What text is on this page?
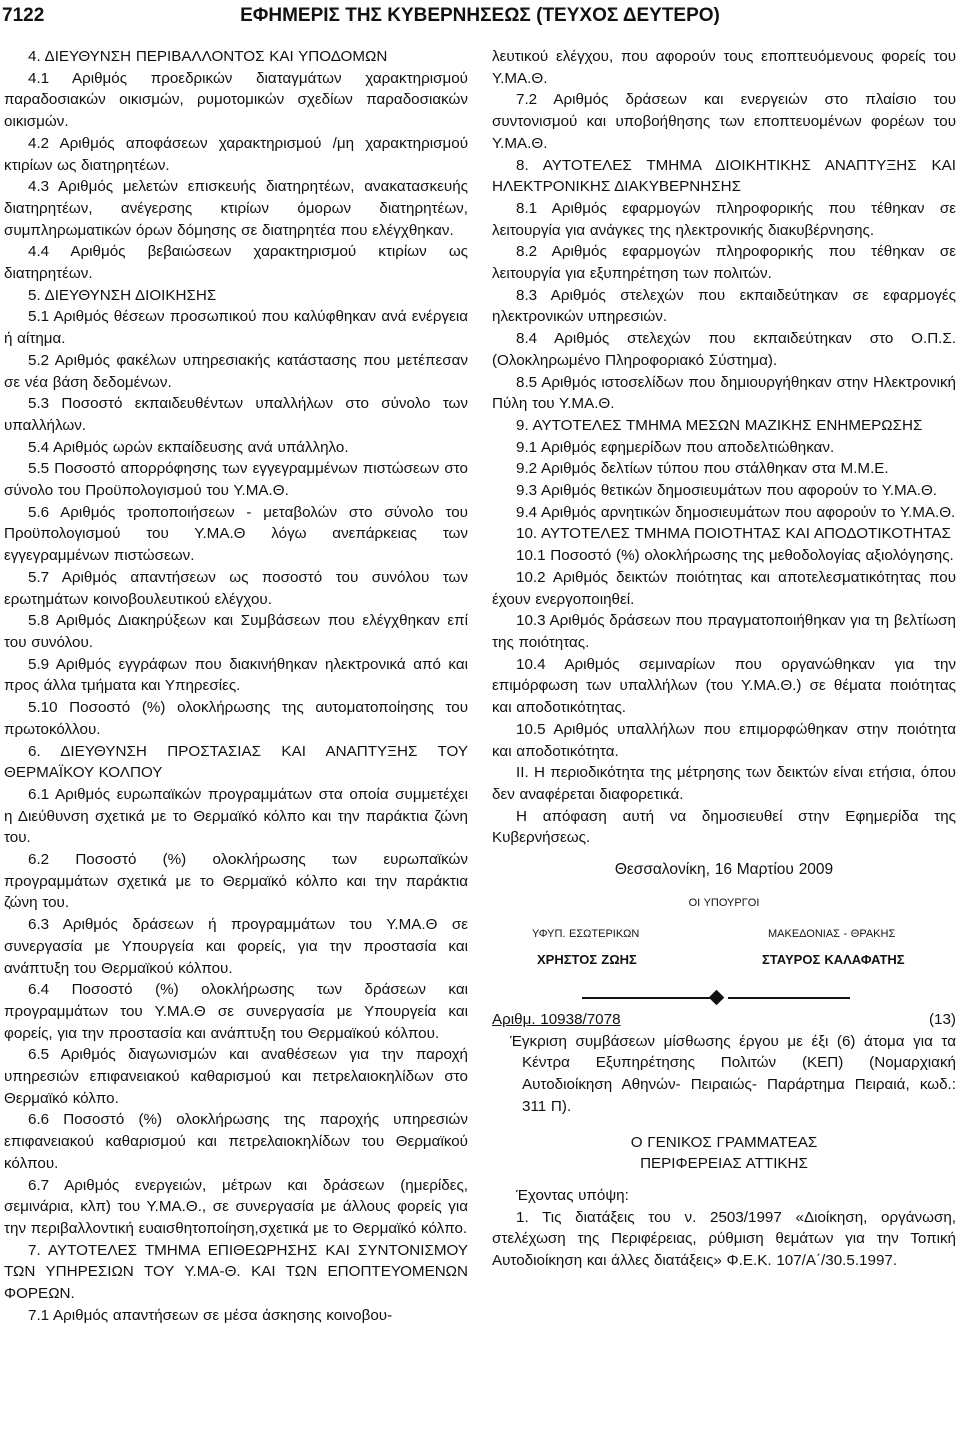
7122	ΕΦΗΜΕΡΙΣ ΤΗΣ ΚΥΒΕΡΝΗΣΕΩΣ (ΤΕΥΧΟΣ ΔΕΥΤΕΡΟ)

4. ΔΙΕΥΘΥΝΣΗ ΠΕΡΙΒΑΛΛΟΝΤΟΣ ΚΑΙ ΥΠΟΔΟΜΩΝ

4.1 Αριθμός προεδρικών διαταγμάτων χαρακτηρισμού παραδοσιακών οικισμών, ρυμοτομικών σχεδίων παραδοσιακών οικισμών.

4.2 Αριθμός αποφάσεων χαρακτηρισμού /μη χαρακτηρισμού κτιρίων ως διατηρητέων.

4.3 Αριθμός μελετών επισκευής διατηρητέων, ανακατασκευής διατηρητέων, ανέγερσης κτιρίων όμορων διατηρητέων, συμπληρωματικών όρων δόμησης σε διατηρητέα που ελέγχθηκαν.

4.4 Αριθμός βεβαιώσεων χαρακτηρισμού κτιρίων ως διατηρητέων.

5. ΔΙΕΥΘΥΝΣΗ ΔΙΟΙΚΗΣΗΣ

5.1 Αριθμός θέσεων προσωπικού που καλύφθηκαν ανά ενέργεια ή αίτημα.

5.2 Αριθμός φακέλων υπηρεσιακής κατάστασης που μετέπεσαν σε νέα βάση δεδομένων.

5.3 Ποσοστό εκπαιδευθέντων υπαλλήλων στο σύνολο των υπαλλήλων.

5.4 Αριθμός ωρών εκπαίδευσης ανά υπάλληλο.

5.5 Ποσοστό απορρόφησης των εγγεγραμμένων πιστώσεων στο σύνολο του Προϋπολογισμού του Υ.ΜΑ.Θ.

5.6 Αριθμός τροποποιήσεων - μεταβολών στο σύνολο του Προϋπολογισμού του Υ.ΜΑ.Θ λόγω ανεπάρκειας των εγγεγραμμένων πιστώσεων.

5.7 Αριθμός απαντήσεων ως ποσοστό του συνόλου των ερωτημάτων κοινοβουλευτικού ελέγχου.

5.8 Αριθμός Διακηρύξεων και Συμβάσεων που ελέγχθηκαν επί του συνόλου.

5.9 Αριθμός εγγράφων που διακινήθηκαν ηλεκτρονικά από και προς άλλα τμήματα και Υπηρεσίες.

5.10 Ποσοστό (%) ολοκλήρωσης της αυτοματοποίησης του πρωτοκόλλου.

6. ΔΙΕΥΘΥΝΣΗ ΠΡΟΣΤΑΣΙΑΣ ΚΑΙ ΑΝΑΠΤΥΞΗΣ ΤΟΥ ΘΕΡΜΑΪΚΟΥ ΚΟΛΠΟΥ

6.1 Αριθμός ευρωπαϊκών προγραμμάτων στα οποία συμμετέχει η Διεύθυνση σχετικά με το Θερμαϊκό κόλπο και την παράκτια ζώνη του.

6.2 Ποσοστό (%) ολοκλήρωσης των ευρωπαϊκών προγραμμάτων σχετικά με το Θερμαϊκό κόλπο και την παράκτια ζώνη του.

6.3 Αριθμός δράσεων ή προγραμμάτων του Υ.ΜΑ.Θ σε συνεργασία με Υπουργεία και φορείς, για την προστασία και ανάπτυξη του Θερμαϊκού κόλπου.

6.4 Ποσοστό (%) ολοκλήρωσης των δράσεων και προγραμμάτων του Υ.ΜΑ.Θ σε συνεργασία με Υπουργεία και φορείς, για την προστασία και ανάπτυξη του Θερμαϊκού κόλπου.

6.5 Αριθμός διαγωνισμών και αναθέσεων για την παροχή υπηρεσιών επιφανειακού καθαρισμού και πετρελαιοκηλίδων στο Θερμαϊκό κόλπο.

6.6 Ποσοστό (%) ολοκλήρωσης της παροχής υπηρεσιών επιφανειακού καθαρισμού και πετρελαιοκηλίδων του Θερμαϊκού κόλπου.

6.7 Αριθμός ενεργειών, μέτρων και δράσεων (ημερίδες, σεμινάρια, κλπ) του Υ.ΜΑ.Θ., σε συνεργασία με άλλους φορείς για την περιβαλλοντική ευαισθητοποίηση,σχετικά με το Θερμαϊκό κόλπο.

7. ΑΥΤΟΤΕΛΕΣ ΤΜΗΜΑ ΕΠΙΘΕΩΡΗΣΗΣ ΚΑΙ ΣΥΝΤΟΝΙΣΜΟΥ ΤΩΝ ΥΠΗΡΕΣΙΩΝ ΤΟΥ Υ.ΜΑ-Θ. ΚΑΙ ΤΩΝ ΕΠΟΠΤΕΥΟΜΕΝΩΝ ΦΟΡΕΩΝ.

7.1 Αριθμός απαντήσεων σε μέσα άσκησης κοινοβου-

λευτικού ελέγχου, που αφορούν τους εποπτευόμενους φορείς του Υ.ΜΑ.Θ.

7.2 Αριθμός δράσεων και ενεργειών στο πλαίσιο του συντονισμού και υποβοήθησης των εποπτευομένων φορέων του Υ.ΜΑ.Θ.

8. ΑΥΤΟΤΕΛΕΣ ΤΜΗΜΑ ΔΙΟΙΚΗΤΙΚΗΣ ΑΝΑΠΤΥΞΗΣ ΚΑΙ ΗΛΕΚΤΡΟΝΙΚΗΣ ΔΙΑΚΥΒΕΡΝΗΣΗΣ

8.1 Αριθμός εφαρμογών πληροφορικής που τέθηκαν σε λειτουργία για ανάγκες της ηλεκτρονικής διακυβέρνησης.

8.2 Αριθμός εφαρμογών πληροφορικής που τέθηκαν σε λειτουργία για εξυπηρέτηση των πολιτών.

8.3 Αριθμός στελεχών που εκπαιδεύτηκαν σε εφαρμογές ηλεκτρονικών υπηρεσιών.

8.4 Αριθμός στελεχών που εκπαιδεύτηκαν στο Ο.Π.Σ. (Ολοκληρωμένο Πληροφοριακό Σύστημα).

8.5 Αριθμός ιστοσελίδων που δημιουργήθηκαν στην Ηλεκτρονική Πύλη του Υ.ΜΑ.Θ.

9. ΑΥΤΟΤΕΛΕΣ ΤΜΗΜΑ ΜΕΣΩΝ ΜΑΖΙΚΗΣ ΕΝΗΜΕΡΩΣΗΣ

9.1 Αριθμός εφημερίδων που αποδελτιώθηκαν.

9.2 Αριθμός δελτίων τύπου που στάλθηκαν στα Μ.Μ.Ε.

9.3 Αριθμός θετικών δημοσιευμάτων που αφορούν το Υ.ΜΑ.Θ.

9.4 Αριθμός αρνητικών δημοσιευμάτων που αφορούν το Υ.ΜΑ.Θ.

10. ΑΥΤΟΤΕΛΕΣ ΤΜΗΜΑ ΠΟΙΟΤΗΤΑΣ ΚΑΙ ΑΠΟΔΟΤΙΚΟΤΗΤΑΣ

10.1 Ποσοστό (%) ολοκλήρωσης της μεθοδολογίας αξιολόγησης.

10.2 Αριθμός δεικτών ποιότητας και αποτελεσματικότητας που έχουν ενεργοποιηθεί.

10.3 Αριθμός δράσεων που πραγματοποιήθηκαν για τη βελτίωση της ποιότητας.

10.4 Αριθμός σεμιναρίων που οργανώθηκαν για την επιμόρφωση των υπαλλήλων (του Υ.ΜΑ.Θ.) σε θέματα ποιότητας και αποδοτικότητας.

10.5 Αριθμός υπαλλήλων που επιμορφώθηκαν στην ποιότητα και αποδοτικότητα.

ΙΙ. Η περιοδικότητα της μέτρησης των δεικτών είναι ετήσια, όπου δεν αναφέρεται διαφορετικά.

Η απόφαση αυτή να δημοσιευθεί στην Εφημερίδα της Κυβερνήσεως.

Θεσσαλονίκη, 16 Μαρτίου 2009
ΟΙ ΥΠΟΥΡΓΟΙ
ΥΦΥΠ. ΕΣΩΤΕΡΙΚΩΝ	ΜΑΚΕΔΟΝΙΑΣ - ΘΡΑΚΗΣ
ΧΡΗΣΤΟΣ ΖΩΗΣ	ΣΤΑΥΡΟΣ ΚΑΛΑΦΑΤΗΣ
Αριθμ. 10938/7078	(13)

Έγκριση συμβάσεων μίσθωσης έργου με έξι (6) άτομα για τα Κέντρα Εξυπηρέτησης Πολιτών (ΚΕΠ) (Νομαρχιακή Αυτοδιοίκηση Αθηνών- Πειραιώς- Παράρτημα Πειραιά, κωδ.: 311 Π).

Ο ΓΕΝΙΚΟΣ ΓΡΑΜΜΑΤΕΑΣ

ΠΕΡΙΦΕΡΕΙΑΣ ΑΤΤΙΚΗΣ

Έχοντας υπόψη:

1. Τις διατάξεις του ν. 2503/1997 «Διοίκηση, οργάνωση, στελέχωση της Περιφέρειας, ρύθμιση θεμάτων για την Τοπική Αυτοδιοίκηση και άλλες διατάξεις» Φ.Ε.Κ. 107/Α΄/30.5.1997.
